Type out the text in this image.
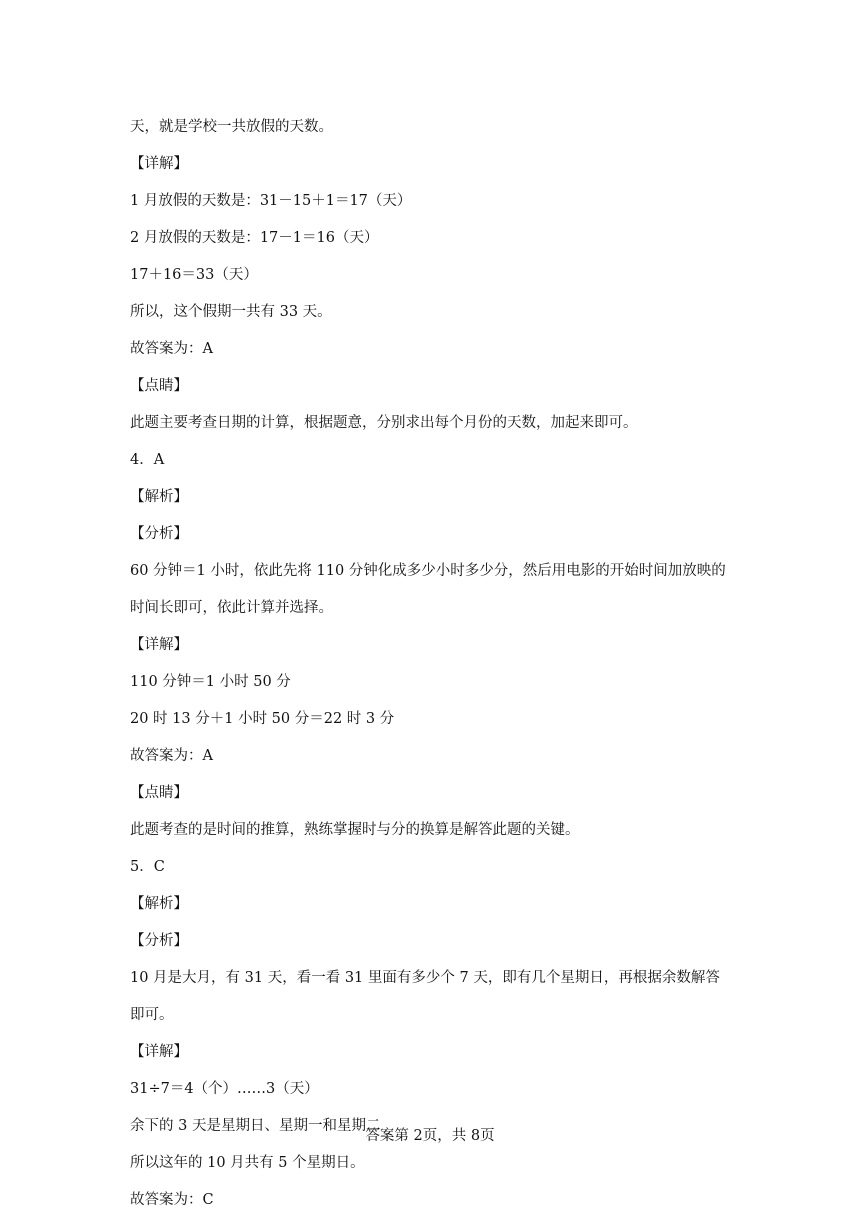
天，就是学校一共放假的天数。
【详解】
1 月放假的天数是：31－15＋1＝17（天）
2 月放假的天数是：17－1＝16（天）
17＋16＝33（天）
所以，这个假期一共有 33 天。
故答案为：A
【点睛】
此题主要考查日期的计算，根据题意，分别求出每个月份的天数，加起来即可。
4．A
【解析】
【分析】
60 分钟＝1 小时，依此先将 110 分钟化成多少小时多少分，然后用电影的开始时间加放映的
时间长即可，依此计算并选择。
【详解】
110 分钟＝1 小时 50 分
20 时 13 分＋1 小时 50 分＝22 时 3 分
故答案为：A
【点睛】
此题考查的是时间的推算，熟练掌握时与分的换算是解答此题的关键。
5．C
【解析】
【分析】
10 月是大月，有 31 天，看一看 31 里面有多少个 7 天，即有几个星期日，再根据余数解答
即可。
【详解】
31÷7＝4（个）……3（天）
余下的 3 天是星期日、星期一和星期二
所以这年的 10 月共有 5 个星期日。
故答案为：C
答案第 2页，共 8页
